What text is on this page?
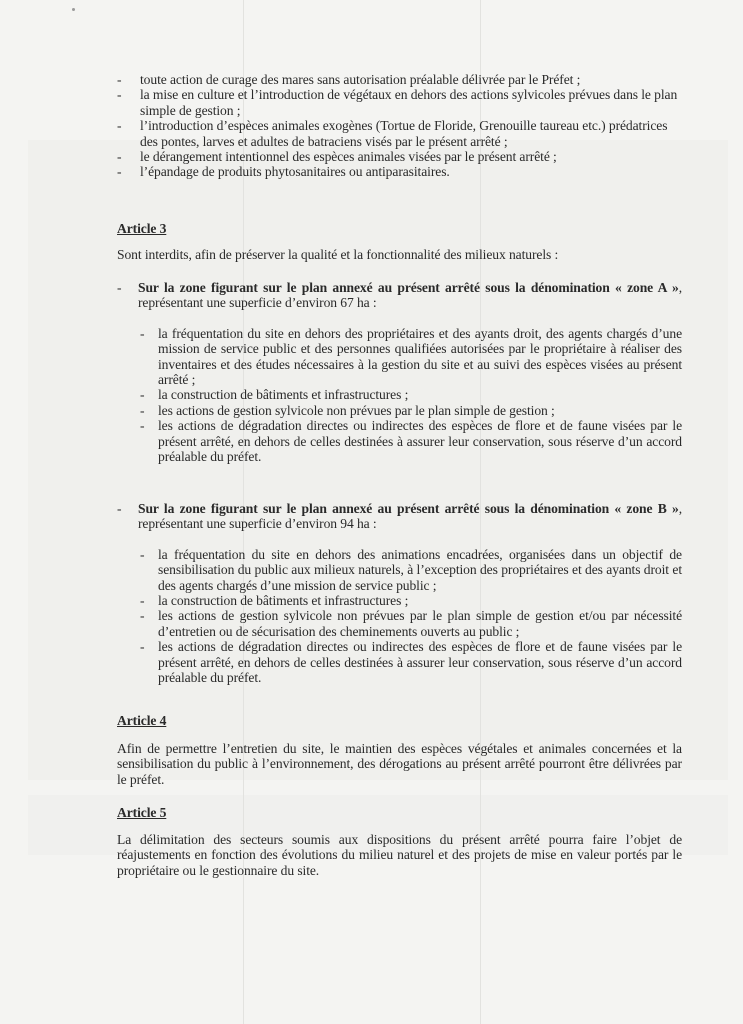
- toute action de curage des mares sans autorisation préalable délivrée par le Préfet ;
- la mise en culture et l’introduction de végétaux en dehors des actions sylvicoles prévues dans le plan simple de gestion ;
- l’introduction d’espèces animales exogènes (Tortue de Floride, Grenouille taureau etc.) prédatrices des pontes, larves et adultes de batraciens visés par le présent arrêté ;
- le dérangement intentionnel des espèces animales visées par le présent arrêté ;
- l’épandage de produits phytosanitaires ou antiparasitaires.
Article 3
Sont interdits, afin de préserver la qualité et la fonctionnalité des milieux naturels :
- Sur la zone figurant sur le plan annexé au présent arrêté sous la dénomination « zone A », représentant une superficie d’environ 67 ha :
- la fréquentation du site en dehors des propriétaires et des ayants droit, des agents chargés d’une mission de service public et des personnes qualifiées autorisées par le propriétaire à réaliser des inventaires et des études nécessaires à la gestion du site et au suivi des espèces visées au présent arrêté ;
- la construction de bâtiments et infrastructures ;
- les actions de gestion sylvicole non prévues par le plan simple de gestion ;
- les actions de dégradation directes ou indirectes des espèces de flore et de faune visées par le présent arrêté, en dehors de celles destinées à assurer leur conservation, sous réserve d’un accord préalable du préfet.
- Sur la zone figurant sur le plan annexé au présent arrêté sous la dénomination « zone B », représentant une superficie d’environ 94 ha :
- la fréquentation du site en dehors des animations encadrées, organisées dans un objectif de sensibilisation du public aux milieux naturels, à l’exception des propriétaires et des ayants droit et des agents chargés d’une mission de service public ;
- la construction de bâtiments et infrastructures ;
- les actions de gestion sylvicole non prévues par le plan simple de gestion et/ou par nécessité d’entretien ou de sécurisation des cheminements ouverts au public ;
- les actions de dégradation directes ou indirectes des espèces de flore et de faune visées par le présent arrêté, en dehors de celles destinées à assurer leur conservation, sous réserve d’un accord préalable du préfet.
Article 4
Afin de permettre l’entretien du site, le maintien des espèces végétales et animales concernées et la sensibilisation du public à l’environnement, des dérogations au présent arrêté pourront être délivrées par le préfet.
Article 5
La délimitation des secteurs soumis aux dispositions du présent arrêté pourra faire l’objet de réajustements en fonction des évolutions du milieu naturel et des projets de mise en valeur portés par le propriétaire ou le gestionnaire du site.
